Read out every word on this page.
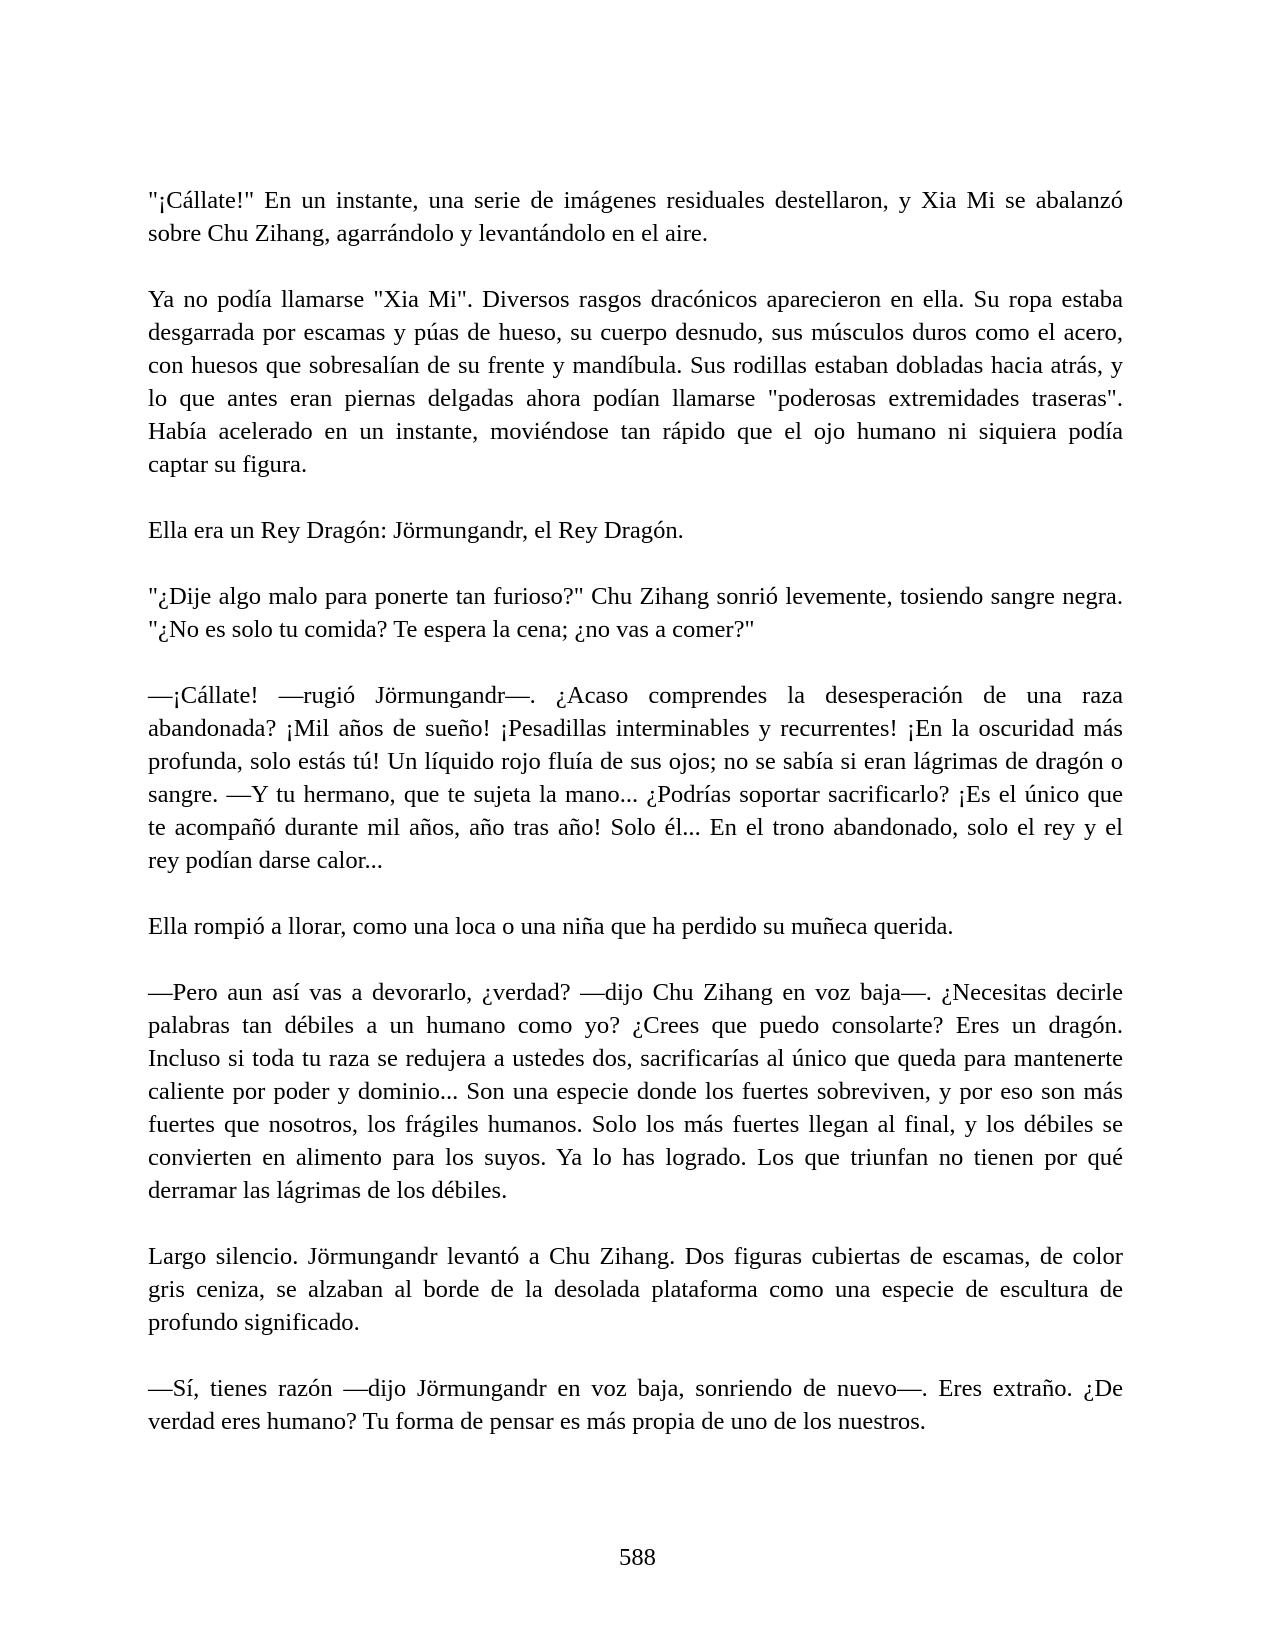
"¡Cállate!" En un instante, una serie de imágenes residuales destellaron, y Xia Mi se abalanzó
sobre Chu Zihang, agarrándolo y levantándolo en el aire.
Ya no podía llamarse "Xia Mi". Diversos rasgos dracónicos aparecieron en ella. Su ropa estaba
desgarrada por escamas y púas de hueso, su cuerpo desnudo, sus músculos duros como el acero,
con huesos que sobresalían de su frente y mandíbula. Sus rodillas estaban dobladas hacia atrás, y
lo que antes eran piernas delgadas ahora podían llamarse "poderosas extremidades traseras".
Había acelerado en un instante, moviéndose tan rápido que el ojo humano ni siquiera podía
captar su figura.
Ella era un Rey Dragón: Jörmungandr, el Rey Dragón.
"¿Dije algo malo para ponerte tan furioso?" Chu Zihang sonrió levemente, tosiendo sangre negra.
"¿No es solo tu comida? Te espera la cena; ¿no vas a comer?"
—¡Cállate! —rugió Jörmungandr—. ¿Acaso comprendes la desesperación de una raza
abandonada? ¡Mil años de sueño! ¡Pesadillas interminables y recurrentes! ¡En la oscuridad más
profunda, solo estás tú! Un líquido rojo fluía de sus ojos; no se sabía si eran lágrimas de dragón o
sangre. —Y tu hermano, que te sujeta la mano... ¿Podrías soportar sacrificarlo? ¡Es el único que
te acompañó durante mil años, año tras año! Solo él... En el trono abandonado, solo el rey y el
rey podían darse calor...
Ella rompió a llorar, como una loca o una niña que ha perdido su muñeca querida.
—Pero aun así vas a devorarlo, ¿verdad? —dijo Chu Zihang en voz baja—. ¿Necesitas decirle
palabras tan débiles a un humano como yo? ¿Crees que puedo consolarte? Eres un dragón.
Incluso si toda tu raza se redujera a ustedes dos, sacrificarías al único que queda para mantenerte
caliente por poder y dominio... Son una especie donde los fuertes sobreviven, y por eso son más
fuertes que nosotros, los frágiles humanos. Solo los más fuertes llegan al final, y los débiles se
convierten en alimento para los suyos. Ya lo has logrado. Los que triunfan no tienen por qué
derramar las lágrimas de los débiles.
Largo silencio. Jörmungandr levantó a Chu Zihang. Dos figuras cubiertas de escamas, de color
gris ceniza, se alzaban al borde de la desolada plataforma como una especie de escultura de
profundo significado.
—Sí, tienes razón —dijo Jörmungandr en voz baja, sonriendo de nuevo—. Eres extraño. ¿De
verdad eres humano? Tu forma de pensar es más propia de uno de los nuestros.
588
